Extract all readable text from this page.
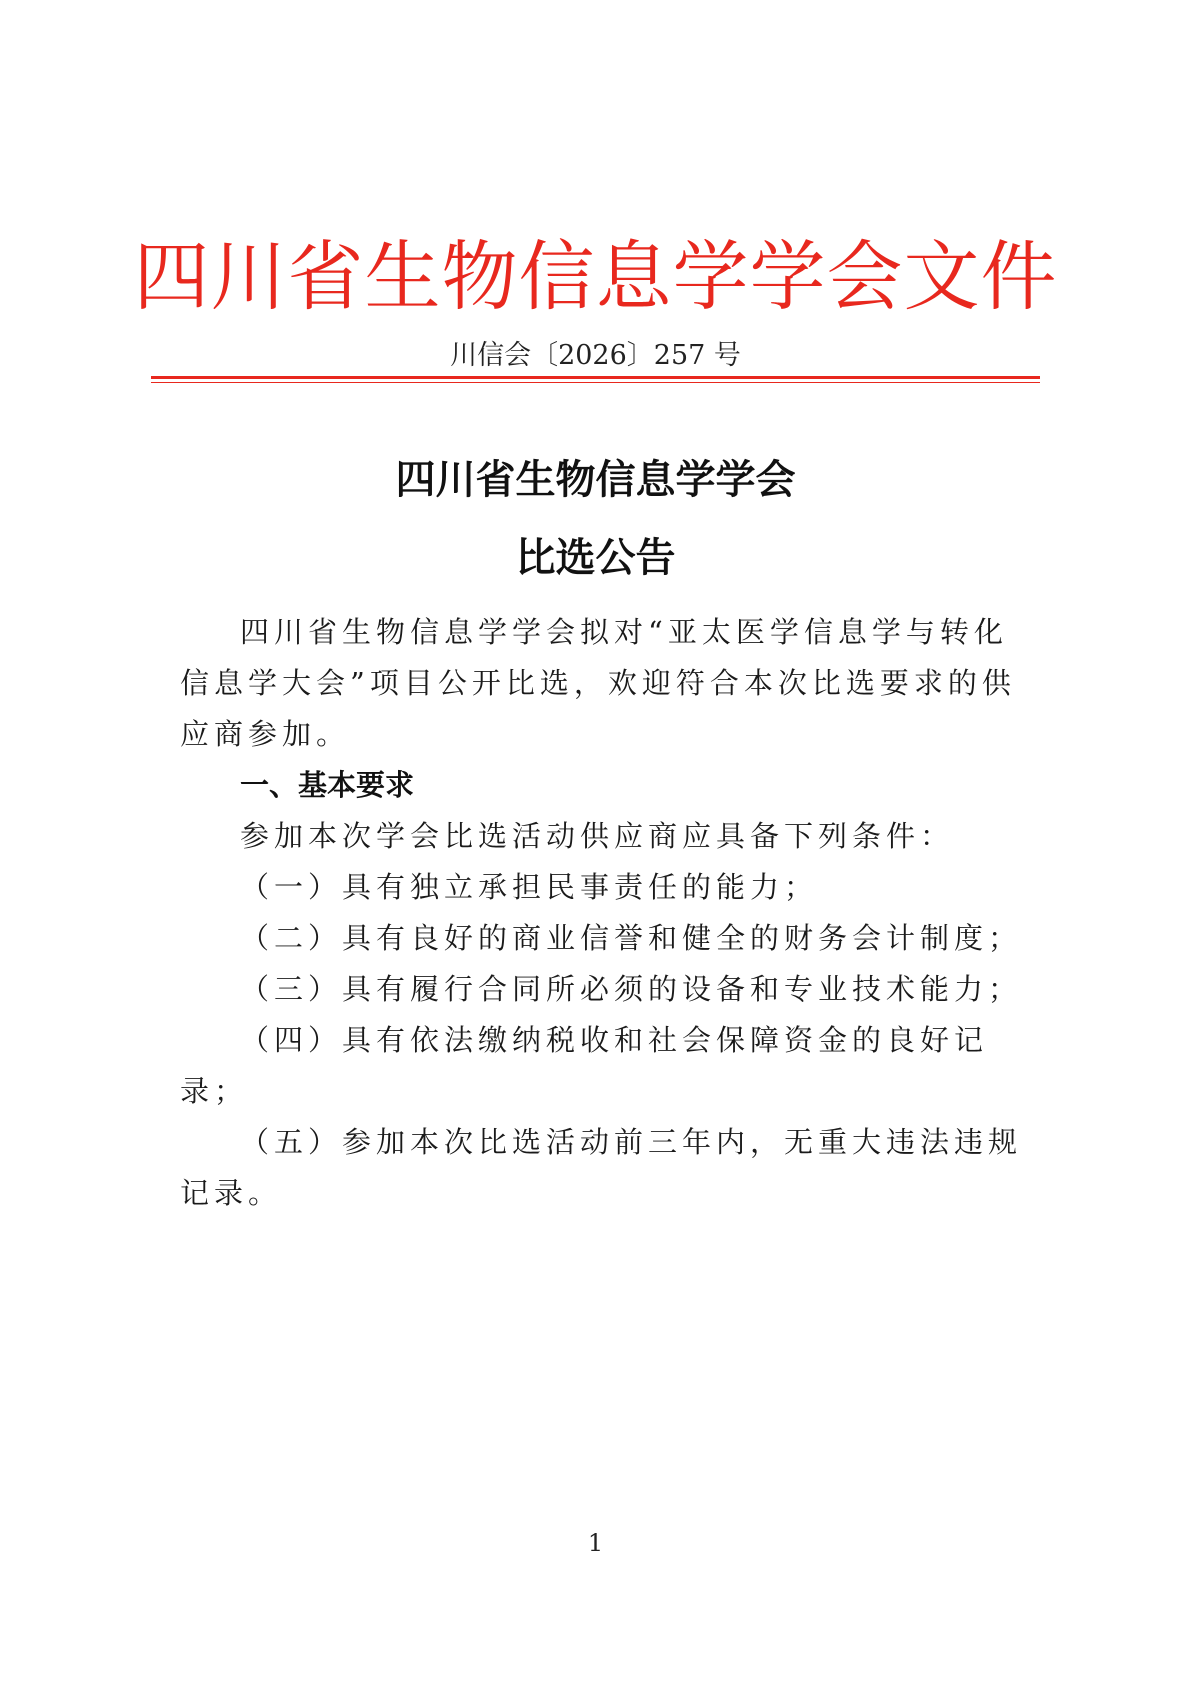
四川省生物信息学学会文件
川信会〔2026〕257 号
四川省生物信息学学会
比选公告
四川省生物信息学学会拟对“亚太医学信息学与转化
信息学大会”项目公开比选，欢迎符合本次比选要求的供
应商参加。
一、基本要求
参加本次学会比选活动供应商应具备下列条件：
（一）具有独立承担民事责任的能力；
（二）具有良好的商业信誉和健全的财务会计制度；
（三）具有履行合同所必须的设备和专业技术能力；
（四）具有依法缴纳税收和社会保障资金的良好记
录；
（五）参加本次比选活动前三年内，无重大违法违规
记录。
1
